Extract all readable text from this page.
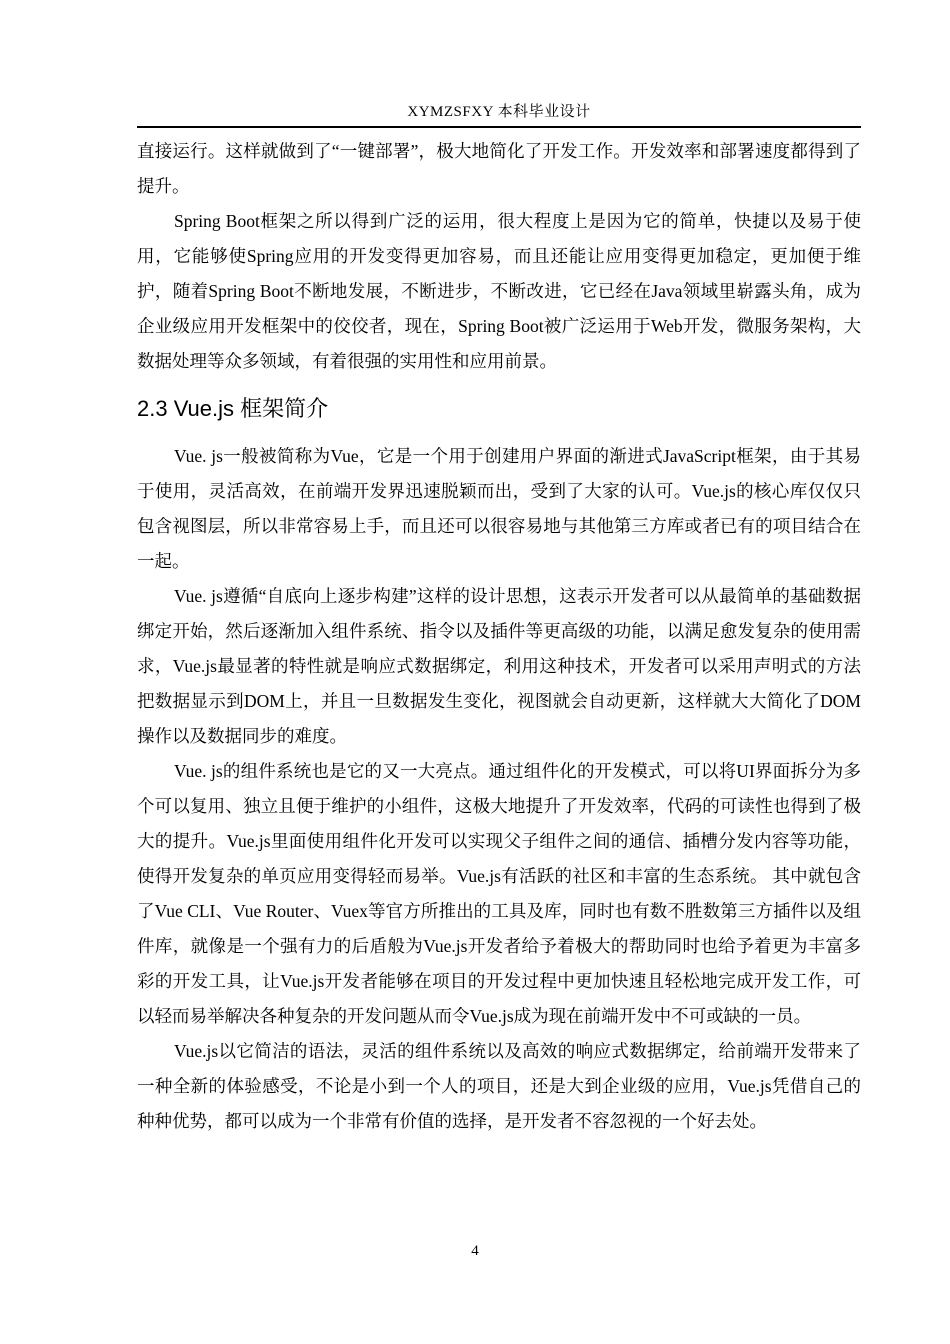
XYMZSFXY 本科毕业设计

直接运行。这样就做到了“一键部署”，极大地简化了开发工作。开发效率和部署速度都得到了提升。

Spring Boot框架之所以得到广泛的运用，很大程度上是因为它的简单，快捷以及易于使用，它能够使Spring应用的开发变得更加容易，而且还能让应用变得更加稳定，更加便于维护，随着Spring Boot不断地发展，不断进步，不断改进，它已经在Java领域里崭露头角，成为企业级应用开发框架中的佼佼者，现在，Spring Boot被广泛运用于Web开发，微服务架构，大数据处理等众多领域，有着很强的实用性和应用前景。

2.3 Vue.js 框架简介

Vue. js一般被简称为Vue，它是一个用于创建用户界面的渐进式JavaScript框架，由于其易于使用，灵活高效，在前端开发界迅速脱颖而出，受到了大家的认可。Vue.js的核心库仅仅只包含视图层，所以非常容易上手，而且还可以很容易地与其他第三方库或者已有的项目结合在一起。

Vue. js遵循“自底向上逐步构建”这样的设计思想，这表示开发者可以从最简单的基础数据绑定开始，然后逐渐加入组件系统、指令以及插件等更高级的功能，以满足愈发复杂的使用需求，Vue.js最显著的特性就是响应式数据绑定，利用这种技术，开发者可以采用声明式的方法把数据显示到DOM上，并且一旦数据发生变化，视图就会自动更新，这样就大大简化了DOM操作以及数据同步的难度。

Vue. js的组件系统也是它的又一大亮点。通过组件化的开发模式，可以将UI界面拆分为多个可以复用、独立且便于维护的小组件，这极大地提升了开发效率，代码的可读性也得到了极大的提升。Vue.js里面使用组件化开发可以实现父子组件之间的通信、插槽分发内容等功能，使得开发复杂的单页应用变得轻而易举。Vue.js有活跃的社区和丰富的生态系统。 其中就包含了Vue CLI、Vue Router、Vuex等官方所推出的工具及库，同时也有数不胜数第三方插件以及组件库，就像是一个强有力的后盾般为Vue.js开发者给予着极大的帮助同时也给予着更为丰富多彩的开发工具，让Vue.js开发者能够在项目的开发过程中更加快速且轻松地完成开发工作，可以轻而易举解决各种复杂的开发问题从而令Vue.js成为现在前端开发中不可或缺的一员。

Vue.js以它简洁的语法，灵活的组件系统以及高效的响应式数据绑定，给前端开发带来了一种全新的体验感受，不论是小到一个人的项目，还是大到企业级的应用，Vue.js凭借自己的种种优势，都可以成为一个非常有价值的选择，是开发者不容忽视的一个好去处。

4
